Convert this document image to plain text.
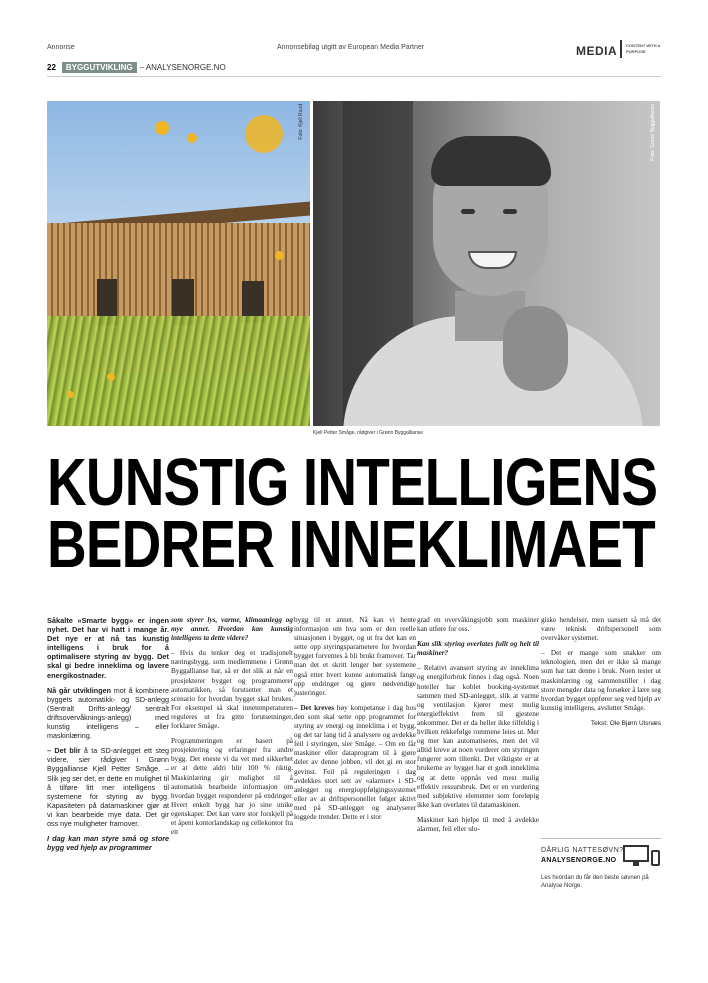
Annonse	Annonsebilag utgitt av European Media Partner	MEDIA CONTENT WITH A PURPOSE
22 BYGGUTVIKLING – ANALYSENORGE.NO
Foto: Kjell Ruud	Foto: Grønn Byggallianse
Kjell Petter Småge, rådgiver i Grønn Byggallianse
KUNSTIG INTELLIGENS
BEDRER INNEKLIMAET

Såkalte «Smarte bygg» er ingen nyhet. Det har vi hatt i mange år. Det nye er at nå tas kunstig intelligens i bruk for å optimalisere styring av bygg. Det skal gi bedre inneklima og lavere energikostnader.

Nå går utviklingen mot å kombinere byggets automatikk- og SD-anlegg (Sentralt Drifts-anlegg/ sentralt driftsovervåknings-anlegg) med kunstig intelligens – eller maskinlæring.

– Det blir å ta SD-anlegget ett steg videre, sier rådgiver i Grønn Byggallianse Kjell Petter Småge. – Slik jeg ser det, er dette en mulighet til å tilføre litt mer intelligens til systemene for styring av bygg. Kapasiteten på datamaskiner gjør at vi kan bearbeide mye data. Det gir oss nye muligheter framover.

I dag kan man styre små og store bygg ved hjelp av programmer

som styrer lys, varme, klimaanlegg og mye annet. Hvordan kan kunstig intelligens ta dette videre?

– Hvis du tenker deg et tradisjonelt næringsbygg, som medlemmene i Grønn Byggallianse har, så er det slik at når en prosjekterer bygget og programmerer automatikken, så forutsetter man et scenario for hvordan bygget skal brukes. For eksempel så skal innetemperaturen reguleres ut fra gitte forutsetninger, forklarer Småge.

Programmeringen er basert på prosjektering og erfaringer fra andre bygg. Det eneste vi da vet med sikkerhet er at dette aldri blir 100 % riktig. Maskinlæring gir mulighet til å automatisk bearbeide informasjon om hvordan bygget responderer på endringer. Hvert enkelt bygg har jo sine unike egenskaper. Det kan være stor forskjell på et åpent kontorlandskap og cellekontor fra ett

bygg til et annet. Nå kan vi hente informasjon om hva som er den reelle situasjonen i bygget, og ut fra det kan en sette opp styringsparametere for hvordan bygget forventes å bli brukt framover. Tar man det et skritt lenger bør systemene også etter hvert kunne automatisk fange opp endringer og gjøre nødvendige justeringer.

– Det kreves høy kompetanse i dag hos den som skal sette opp programmet for styring av energi og inneklima i et bygg, og det tar lang tid å analysere og avdekke feil i styringen, sier Småge. – Om en får maskiner eller dataprogram til å gjøre deler av denne jobben, vil det gi en stor gevinst. Feil på reguleringen i dag avdekkes stort sett av «alarmer» i SD-anlegget og energioppfølgingssystemet eller av at driftspersonellet følger aktivt med på SD-anlegget og analyserer loggede trender. Dette er i stor

grad en overvåkingsjobb som maskiner kan utføre for oss.

Kan slik styring overlates fullt og helt til maskiner?

– Relativt avansert styring av inneklima og energiforbruk finnes i dag også. Noen hoteller har koblet booking-systemet sammen med SD-anlegget, slik at varme og ventilasjon kjører mest mulig energieffektivt frem til gjestene ankommer. Det er da heller ikke tilfeldig i hvilken rekkefølge rommene leies ut. Mer og mer kan automatiseres, men det vil alltid kreve at noen vurderer om styringen fungerer som tiltenkt. Det viktigste er at brukerne av bygget har et godt inneklima og at dette oppnås ved mest mulig effektiv ressursbruk. Det er en vurdering med subjektive elementer som foreløpig ikke kan overlates til datamaskinen.

Maskiner kan hjelpe til med å avdekke alarmer, feil eller ulo-

giske hendelser, men uansett så må det være teknisk driftspersonell som overvåker systemet.

– Det er mange som snakker om teknologien, men det er ikke så mange som har tatt denne i bruk. Noen tester ut maskinlæring og sammenstiller i dag store mengder data og forsøker å lære seg hvordan bygget oppfører seg ved hjelp av kunstig intelligens, avslutter Småge.

Tekst: Ole Bjørn Ulsnæs
DÅRLIG NATTESØVN?
ANALYSENORGE.NO
Les hvordan du får den beste søvnen på Analyse Norge.
